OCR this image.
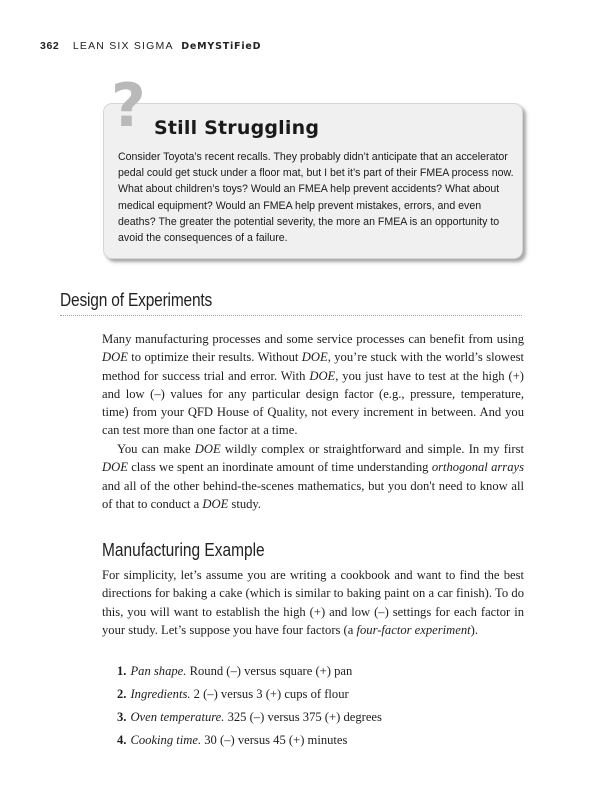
362 LEAN SIX SIGMA DeMYSTiFieD
? Still Struggling
Consider Toyota’s recent recalls. They probably didn’t anticipate that an accelerator pedal could get stuck under a floor mat, but I bet it’s part of their FMEA process now. What about children’s toys? Would an FMEA help prevent accidents? What about medical equipment? Would an FMEA help prevent mistakes, errors, and even deaths? The greater the potential severity, the more an FMEA is an opportunity to avoid the consequences of a failure.
Design of Experiments

Many manufacturing processes and some service processes can benefit from using DOE to optimize their results. Without DOE, you’re stuck with the world’s slowest method for success trial and error. With DOE, you just have to test at the high (+) and low (–) values for any particular design factor (e.g., pressure, temperature, time) from your QFD House of Quality, not every increment in between. And you can test more than one factor at a time.

You can make DOE wildly complex or straightforward and simple. In my first DOE class we spent an inordinate amount of time understanding orthogonal arrays and all of the other behind-the-scenes mathematics, but you don't need to know all of that to conduct a DOE study.

Manufacturing Example

For simplicity, let’s assume you are writing a cookbook and want to find the best directions for baking a cake (which is similar to baking paint on a car finish). To do this, you will want to establish the high (+) and low (–) settings for each factor in your study. Let’s suppose you have four factors (a four-factor experiment).

1. Pan shape. Round (–) versus square (+) pan
2. Ingredients. 2 (–) versus 3 (+) cups of flour
3. Oven temperature. 325 (–) versus 375 (+) degrees
4. Cooking time. 30 (–) versus 45 (+) minutes
